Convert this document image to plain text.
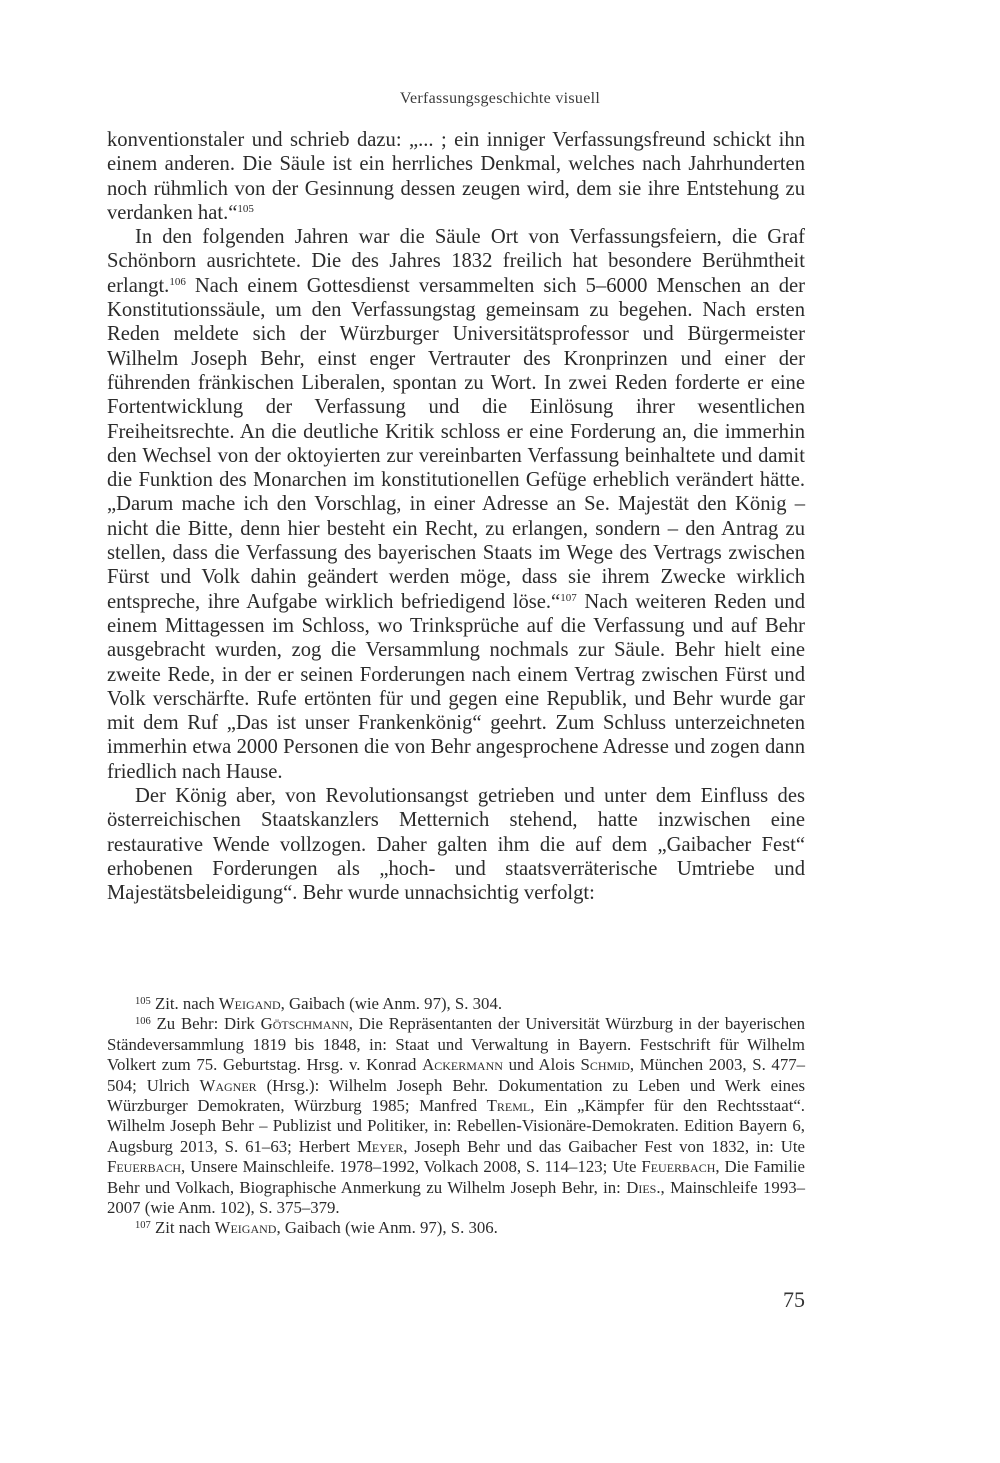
Verfassungsgeschichte visuell

konventionstaler und schrieb dazu: „... ; ein inniger Verfassungsfreund schickt ihn einem anderen. Die Säule ist ein herrliches Denkmal, welches nach Jahrhunderten noch rühmlich von der Gesinnung dessen zeugen wird, dem sie ihre Entstehung zu verdanken hat.“$^{105}$

In den folgenden Jahren war die Säule Ort von Verfassungsfeiern, die Graf Schönborn ausrichtete. Die des Jahres 1832 freilich hat besondere Berühmtheit erlangt.$^{106}$ Nach einem Gottesdienst versammelten sich 5–6000 Menschen an der Konstitutionssäule, um den Verfassungstag gemeinsam zu begehen. Nach ersten Reden meldete sich der Würzburger Universitätsprofessor und Bürgermeister Wilhelm Joseph Behr, einst enger Vertrauter des Kronprinzen und einer der führenden fränkischen Liberalen, spontan zu Wort. In zwei Reden forderte er eine Fortentwicklung der Verfassung und die Einlösung ihrer wesentlichen Freiheitsrechte. An die deutliche Kritik schloss er eine Forderung an, die immerhin den Wechsel von der oktoyierten zur vereinbarten Verfassung beinhaltete und damit die Funktion des Monarchen im konstitutionellen Gefüge erheblich verändert hätte. „Darum mache ich den Vorschlag, in einer Adresse an Se. Majestät den König – nicht die Bitte, denn hier besteht ein Recht, zu erlangen, sondern – den Antrag zu stellen, dass die Verfassung des bayerischen Staats im Wege des Vertrags zwischen Fürst und Volk dahin geändert werden möge, dass sie ihrem Zwecke wirklich entspreche, ihre Aufgabe wirklich befriedigend löse.“$^{107}$ Nach weiteren Reden und einem Mittagessen im Schloss, wo Trinksprüche auf die Verfassung und auf Behr ausgebracht wurden, zog die Versammlung nochmals zur Säule. Behr hielt eine zweite Rede, in der er seinen Forderungen nach einem Vertrag zwischen Fürst und Volk verschärfte. Rufe ertönten für und gegen eine Republik, und Behr wurde gar mit dem Ruf „Das ist unser Frankenkönig“ geehrt. Zum Schluss unterzeichneten immerhin etwa 2000 Personen die von Behr angesprochene Adresse und zogen dann friedlich nach Hause.

Der König aber, von Revolutionsangst getrieben und unter dem Einfluss des österreichischen Staatskanzlers Metternich stehend, hatte inzwischen eine restaurative Wende vollzogen. Daher galten ihm die auf dem „Gaibacher Fest“ erhobenen Forderungen als „hoch- und staatsverräterische Umtriebe und Majestätsbeleidigung“. Behr wurde unnachsichtig verfolgt:

$^{105}$ Zit. nach Weigand, Gaibach (wie Anm. 97), S. 304.

$^{106}$ Zu Behr: Dirk Götschmann, Die Repräsentanten der Universität Würzburg in der bayerischen Ständeversammlung 1819 bis 1848, in: Staat und Verwaltung in Bayern. Festschrift für Wilhelm Volkert zum 75. Geburtstag. Hrsg. v. Konrad Ackermann und Alois Schmid, München 2003, S. 477–504; Ulrich Wagner (Hrsg.): Wilhelm Joseph Behr. Dokumentation zu Leben und Werk eines Würzburger Demokraten, Würzburg 1985; Manfred Treml, Ein „Kämpfer für den Rechtsstaat“. Wilhelm Joseph Behr – Publizist und Politiker, in: Rebellen-Visionäre-Demokraten. Edition Bayern 6, Augsburg 2013, S. 61–63; Herbert Meyer, Joseph Behr und das Gaibacher Fest von 1832, in: Ute Feuerbach, Unsere Mainschleife. 1978–1992, Volkach 2008, S. 114–123; Ute Feuerbach, Die Familie Behr und Volkach, Biographische Anmerkung zu Wilhelm Joseph Behr, in: Dies., Mainschleife 1993–2007 (wie Anm. 102), S. 375–379.

$^{107}$ Zit nach Weigand, Gaibach (wie Anm. 97), S. 306.

75
